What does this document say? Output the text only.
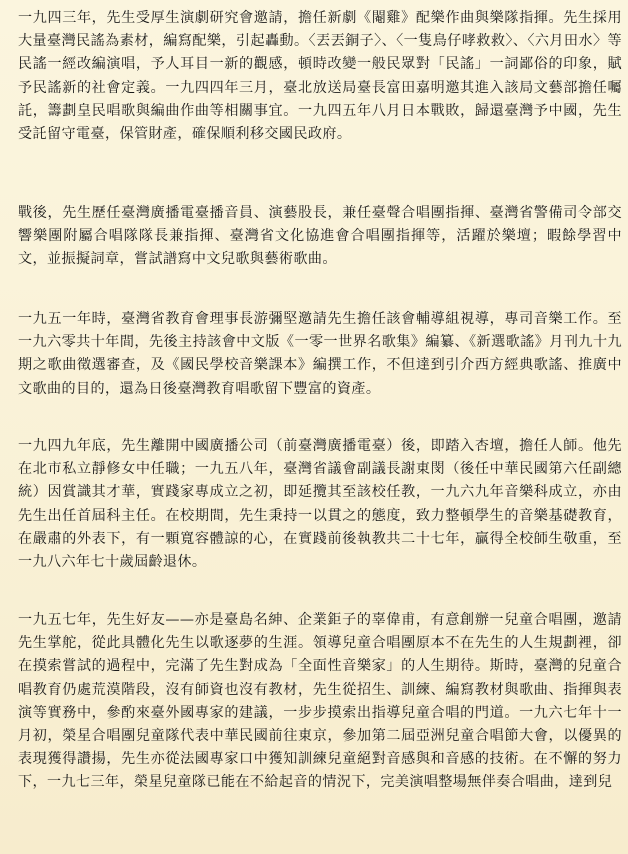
一九四三年，先生受厚生演劇研究會邀請，擔任新劇《閹雞》配樂作曲與樂隊指揮。先生採用大量臺灣民謠為素材，編寫配樂，引起轟動。〈丟丟銅子〉、〈一隻鳥仔哮救救〉、〈六月田水〉等民謠一經改編演唱，予人耳目一新的觀感，頓時改變一般民眾對「民謠」一詞鄙俗的印象，賦予民謠新的社會定義。一九四四年三月，臺北放送局臺長富田嘉明邀其進入該局文藝部擔任囑託，籌劃皇民唱歌與編曲作曲等相關事宜。一九四五年八月日本戰敗，歸還臺灣予中國，先生受託留守電臺，保管財產，確保順利移交國民政府。

戰後，先生歷任臺灣廣播電臺播音員、演藝股長，兼任臺聲合唱團指揮、臺灣省警備司令部交響樂團附屬合唱隊隊長兼指揮、臺灣省文化協進會合唱團指揮等，活躍於樂壇；暇餘學習中文，並振擬詞章，嘗試譜寫中文兒歌與藝術歌曲。

一九五一年時，臺灣省教育會理事長游彌堅邀請先生擔任該會輔導組視導，專司音樂工作。至一九六零共十年間，先後主持該會中文版《一零一世界名歌集》編纂、《新選歌謠》月刊九十九期之歌曲徵選審查，及《國民學校音樂課本》編撰工作，不但達到引介西方經典歌謠、推廣中文歌曲的目的，還為日後臺灣教育唱歌留下豐富的資產。

一九四九年底，先生離開中國廣播公司（前臺灣廣播電臺）後，即踏入杏壇，擔任人師。他先在北市私立靜修女中任職；一九五八年，臺灣省議會副議長謝東閔（後任中華民國第六任副總統）因賞識其才華，實踐家專成立之初，即延攬其至該校任教，一九六九年音樂科成立，亦由先生出任首屆科主任。在校期間，先生秉持一以貫之的態度，致力整頓學生的音樂基礎教育，在嚴肅的外表下，有一顆寬容體諒的心，在實踐前後執教共二十七年，贏得全校師生敬重，至一九八六年七十歲屆齡退休。

一九五七年，先生好友——亦是臺島名紳、企業鉅子的辜偉甫，有意創辦一兒童合唱團，邀請先生掌舵，從此具體化先生以歌逐夢的生涯。領導兒童合唱團原本不在先生的人生規劃裡，卻在摸索嘗試的過程中，完滿了先生對成為「全面性音樂家」的人生期待。斯時，臺灣的兒童合唱教育仍處荒漠階段，沒有師資也沒有教材，先生從招生、訓練、編寫教材與歌曲、指揮與表演等實務中，參酌來臺外國專家的建議，一步步摸索出指導兒童合唱的門道。一九六七年十一月初，榮星合唱團兒童隊代表中華民國前往東京，參加第二屆亞洲兒童合唱節大會，以優異的表現獲得讚揚，先生亦從法國專家口中獲知訓練兒童絕對音感與和音感的技術。在不懈的努力下，一九七三年，榮星兒童隊已能在不給起音的情況下，完美演唱整場無伴奏合唱曲，達到兒
